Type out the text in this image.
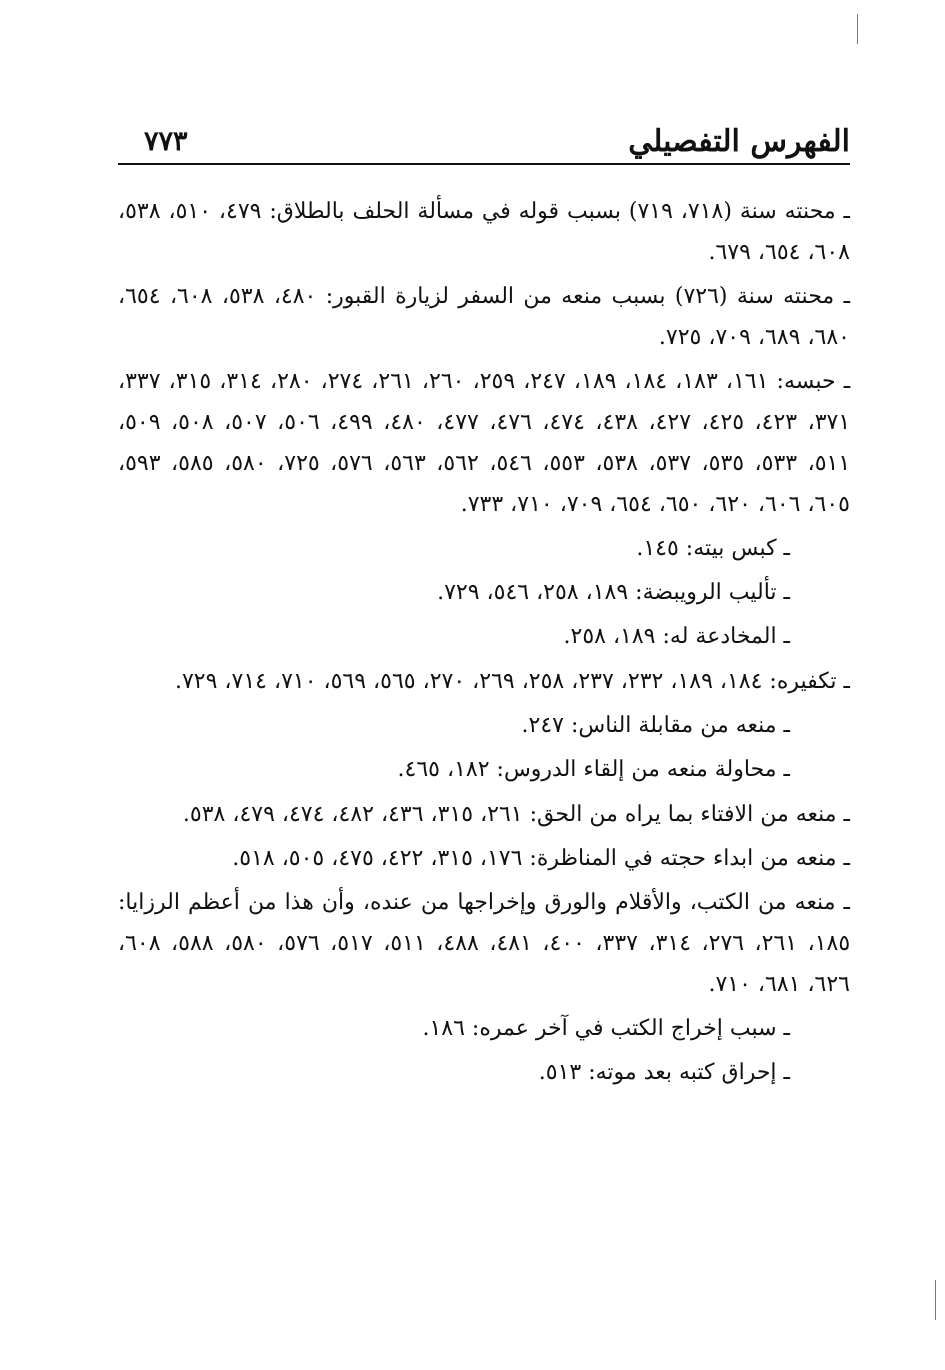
الفهرس التفصيلي
٧٧٣

ـ محنته سنة (٧١٨، ٧١٩) بسبب قوله في مسألة الحلف بالطلاق: ٤٧٩، ٥١٠، ٥٣٨، ٦٠٨، ٦٥٤، ٦٧٩.

ـ محنته سنة (٧٢٦) بسبب منعه من السفر لزيارة القبور: ٤٨٠، ٥٣٨، ٦٠٨، ٦٥٤، ٦٨٠، ٦٨٩، ٧٠٩، ٧٢٥.

ـ حبسه: ١٦١، ١٨٣، ١٨٤، ١٨٩، ٢٤٧، ٢٥٩، ٢٦٠، ٢٦١، ٢٧٤، ٢٨٠، ٣١٤، ٣١٥، ٣٣٧، ٣٧١، ٤٢٣، ٤٢٥، ٤٢٧، ٤٣٨، ٤٧٤، ٤٧٦، ٤٧٧، ٤٨٠، ٤٩٩، ٥٠٦، ٥٠٧، ٥٠٨، ٥٠٩، ٥١١، ٥٣٣، ٥٣٥، ٥٣٧، ٥٣٨، ٥٥٣، ٥٤٦، ٥٦٢، ٥٦٣، ٥٧٦، ٧٢٥، ٥٨٠، ٥٨٥، ٥٩٣، ٦٠٥، ٦٠٦، ٦٢٠، ٦٥٠، ٦٥٤، ٧٠٩، ٧١٠، ٧٣٣.

ـ كبس بيته: ١٤٥.

ـ تأليب الرويبضة: ١٨٩، ٢٥٨، ٥٤٦، ٧٢٩.

ـ المخادعة له: ١٨٩، ٢٥٨.

ـ تكفيره: ١٨٤، ١٨٩، ٢٣٢، ٢٣٧، ٢٥٨، ٢٦٩، ٢٧٠، ٥٦٥، ٥٦٩، ٧١٠، ٧١٤، ٧٢٩.

ـ منعه من مقابلة الناس: ٢٤٧.

ـ محاولة منعه من إلقاء الدروس: ١٨٢، ٤٦٥.

ـ منعه من الافتاء بما يراه من الحق: ٢٦١، ٣١٥، ٤٣٦، ٤٨٢، ٤٧٤، ٤٧٩، ٥٣٨.

ـ منعه من ابداء حجته في المناظرة: ١٧٦، ٣١٥، ٤٢٢، ٤٧٥، ٥٠٥، ٥١٨.

ـ منعه من الكتب، والأقلام والورق وإخراجها من عنده، وأن هذا من أعظم الرزايا: ١٨٥، ٢٦١، ٢٧٦، ٣١٤، ٣٣٧، ٤٠٠، ٤٨١، ٤٨٨، ٥١١، ٥١٧، ٥٧٦، ٥٨٠، ٥٨٨، ٦٠٨، ٦٢٦، ٦٨١، ٧١٠.

ـ سبب إخراج الكتب في آخر عمره: ١٨٦.

ـ إحراق كتبه بعد موته: ٥١٣.
